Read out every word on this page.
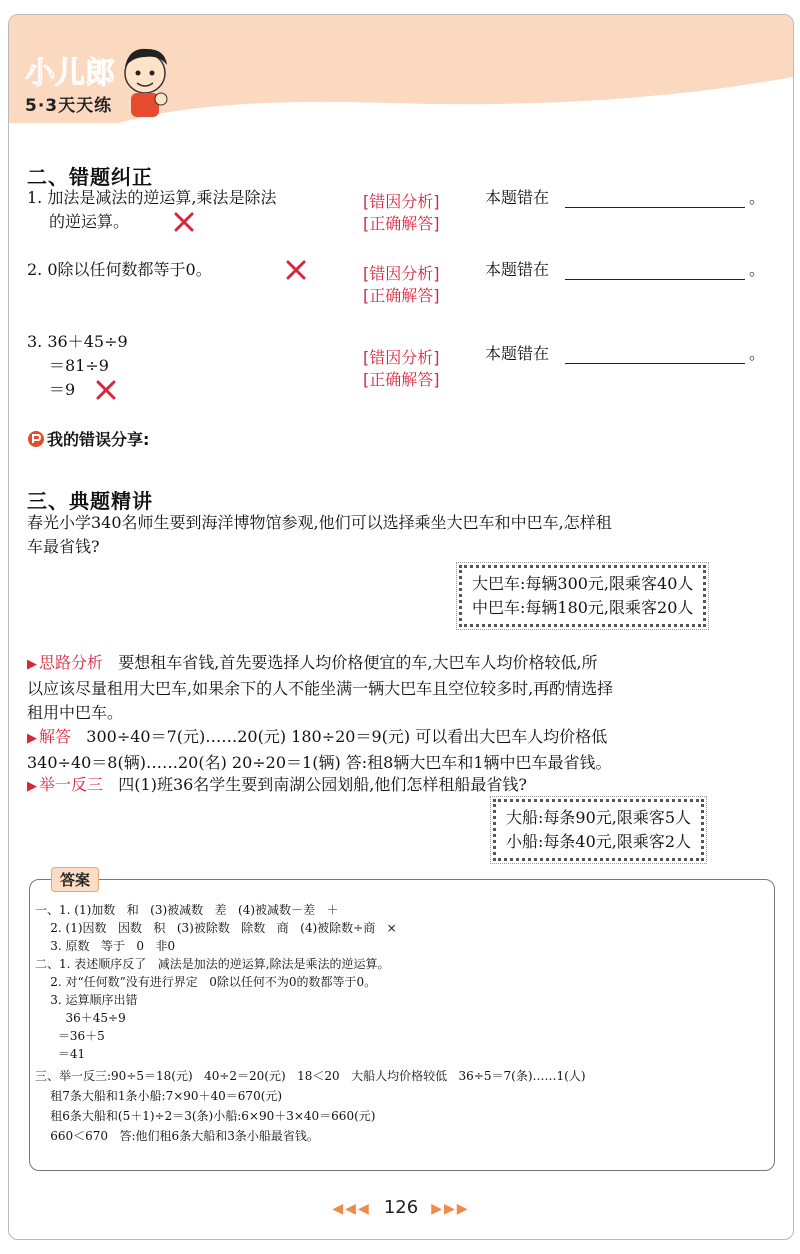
小儿郎
5·3天天练
二、错题纠正
1. 加法是减法的逆运算,乘法是除法
的逆运算。
[错因分析]	本题错在	。
[正确解答]
2. 0除以任何数都等于0。	[错因分析]	本题错在	。
[正确解答]
3. 36＋45÷9
＝81÷9
＝9
[错因分析]	本题错在	。
[正确解答]
我的错误分享:
三、典题精讲
春光小学340名师生要到海洋博物馆参观,他们可以选择乘坐大巴车和中巴车,怎样租
车最省钱?
大巴车:每辆300元,限乘客40人
中巴车:每辆180元,限乘客20人
▶ 思路分析 要想租车省钱,首先要选择人均价格便宜的车,大巴车人均价格较低,所
以应该尽量租用大巴车,如果余下的人不能坐满一辆大巴车且空位较多时,再酌情选择
租用中巴车。
▶ 解答 300÷40＝7(元)……20(元) 180÷20＝9(元) 可以看出大巴车人均价格低
340÷40＝8(辆)……20(名) 20÷20＝1(辆) 答:租8辆大巴车和1辆中巴车最省钱。
▶ 举一反三 四(1)班36名学生要到南湖公园划船,他们怎样租船最省钱?
大船:每条90元,限乘客5人
小船:每条40元,限乘客2人
答案
一、1. (1)加数   和   (3)被减数   差   (4)被减数－差   ＋
2. (1)因数   因数   积   (3)被除数   除数   商   (4)被除数÷商   ×
3. 原数   等于   0   非0
二、1. 表述顺序反了   减法是加法的逆运算,除法是乘法的逆运算。
2. 对“任何数”没有进行界定   0除以任何不为0的数都等于0。
3. 运算顺序出错
36＋45÷9
＝36＋5
＝41
三、举一反三:90÷5＝18(元)   40÷2＝20(元)   18＜20   大船人均价格较低   36÷5＝7(条)……1(人)
租7条大船和1条小船:7×90＋40＝670(元)
租6条大船和(5＋1)÷2＝3(条)小船:6×90＋3×40＝660(元)
660＜670   答:他们租6条大船和3条小船最省钱。
◀◀◀ 126 ▶▶▶
